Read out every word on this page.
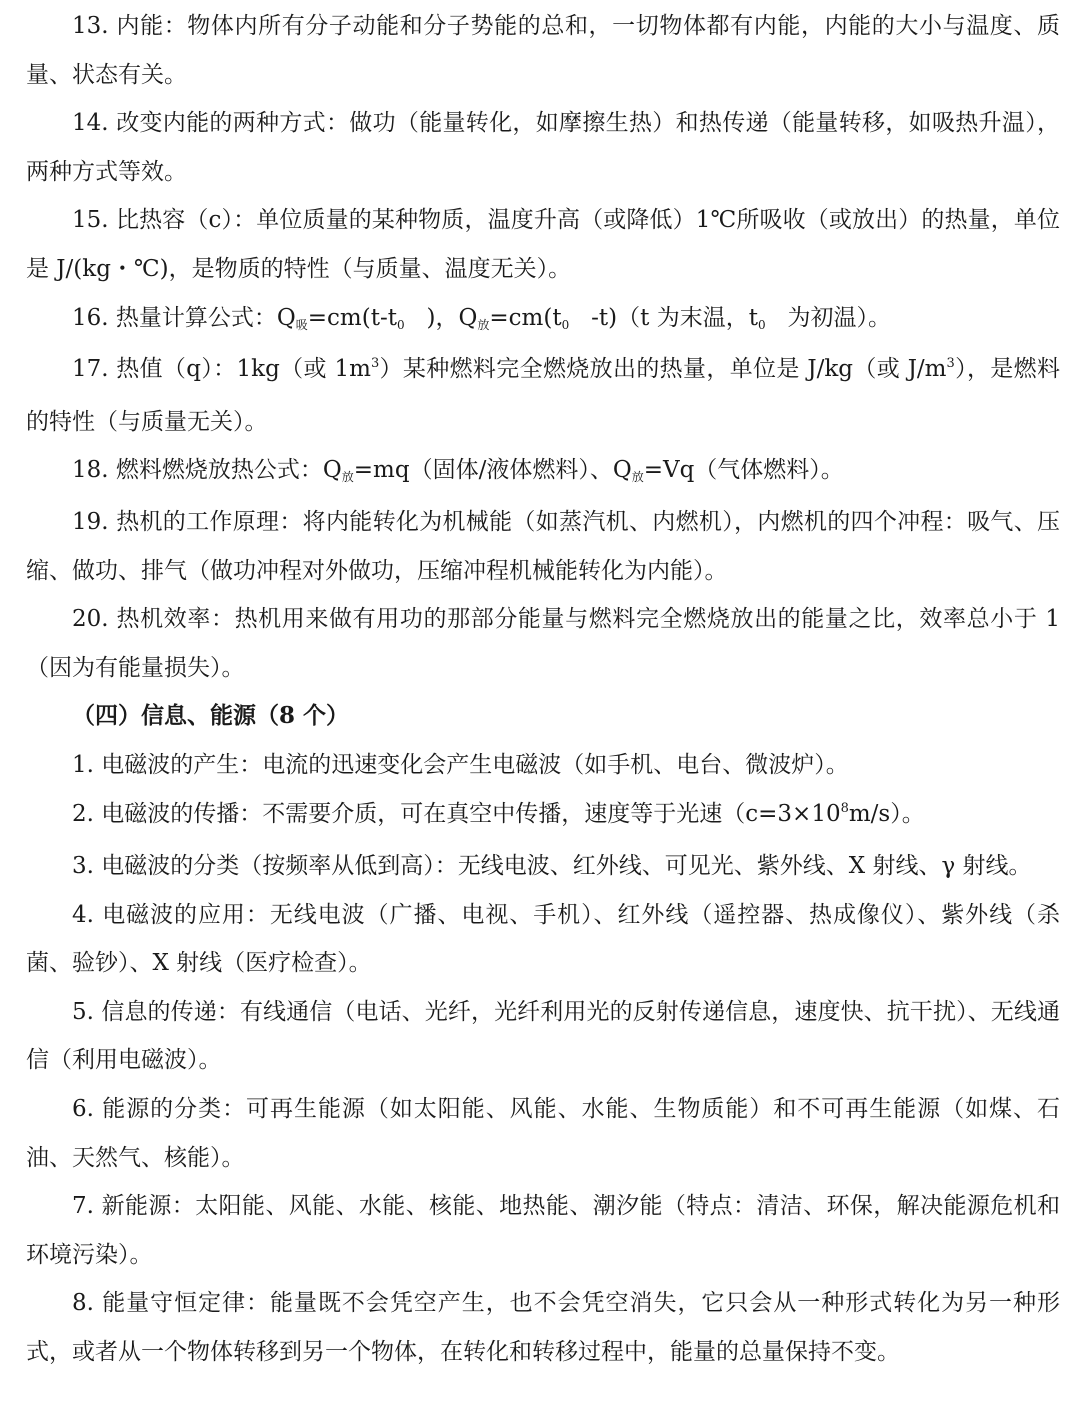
13. 内能：物体内所有分子动能和分子势能的总和，一切物体都有内能，内能的大小与温度、质量、状态有关。

14. 改变内能的两种方式：做功（能量转化，如摩擦生热）和热传递（能量转移，如吸热升温），两种方式等效。

15. 比热容（c）：单位质量的某种物质，温度升高（或降低）1℃所吸收（或放出）的热量，单位是 J/(kg・℃)，是物质的特性（与质量、温度无关）。

16. 热量计算公式：Q吸=cm(t-t0   )，Q放=cm(t0   -t)（t 为末温，t0   为初温）。

17. 热值（q）：1kg（或 $1m^3$）某种燃料完全燃烧放出的热量，单位是 J/kg（或 $J/m^3$），是燃料的特性（与质量无关）。

18. 燃料燃烧放热公式：Q放=mq（固体/液体燃料）、Q放=Vq（气体燃料）。

19. 热机的工作原理：将内能转化为机械能（如蒸汽机、内燃机），内燃机的四个冲程：吸气、压缩、做功、排气（做功冲程对外做功，压缩冲程机械能转化为内能）。

20. 热机效率：热机用来做有用功的那部分能量与燃料完全燃烧放出的能量之比，效率总小于 1（因为有能量损失）。

（四）信息、能源（8 个）

1. 电磁波的产生：电流的迅速变化会产生电磁波（如手机、电台、微波炉）。

2. 电磁波的传播：不需要介质，可在真空中传播，速度等于光速$(c=3\times 10^8m/s)$。

3. 电磁波的分类（按频率从低到高）：无线电波、红外线、可见光、紫外线、X 射线、γ 射线。

4. 电磁波的应用：无线电波（广播、电视、手机）、红外线（遥控器、热成像仪）、紫外线（杀菌、验钞）、X 射线（医疗检查）。

5. 信息的传递：有线通信（电话、光纤，光纤利用光的反射传递信息，速度快、抗干扰）、无线通信（利用电磁波）。

6. 能源的分类：可再生能源（如太阳能、风能、水能、生物质能）和不可再生能源（如煤、石油、天然气、核能）。

7. 新能源：太阳能、风能、水能、核能、地热能、潮汐能（特点：清洁、环保，解决能源危机和环境污染）。

8. 能量守恒定律：能量既不会凭空产生，也不会凭空消失，它只会从一种形式转化为另一种形式，或者从一个物体转移到另一个物体，在转化和转移过程中，能量的总量保持不变。
